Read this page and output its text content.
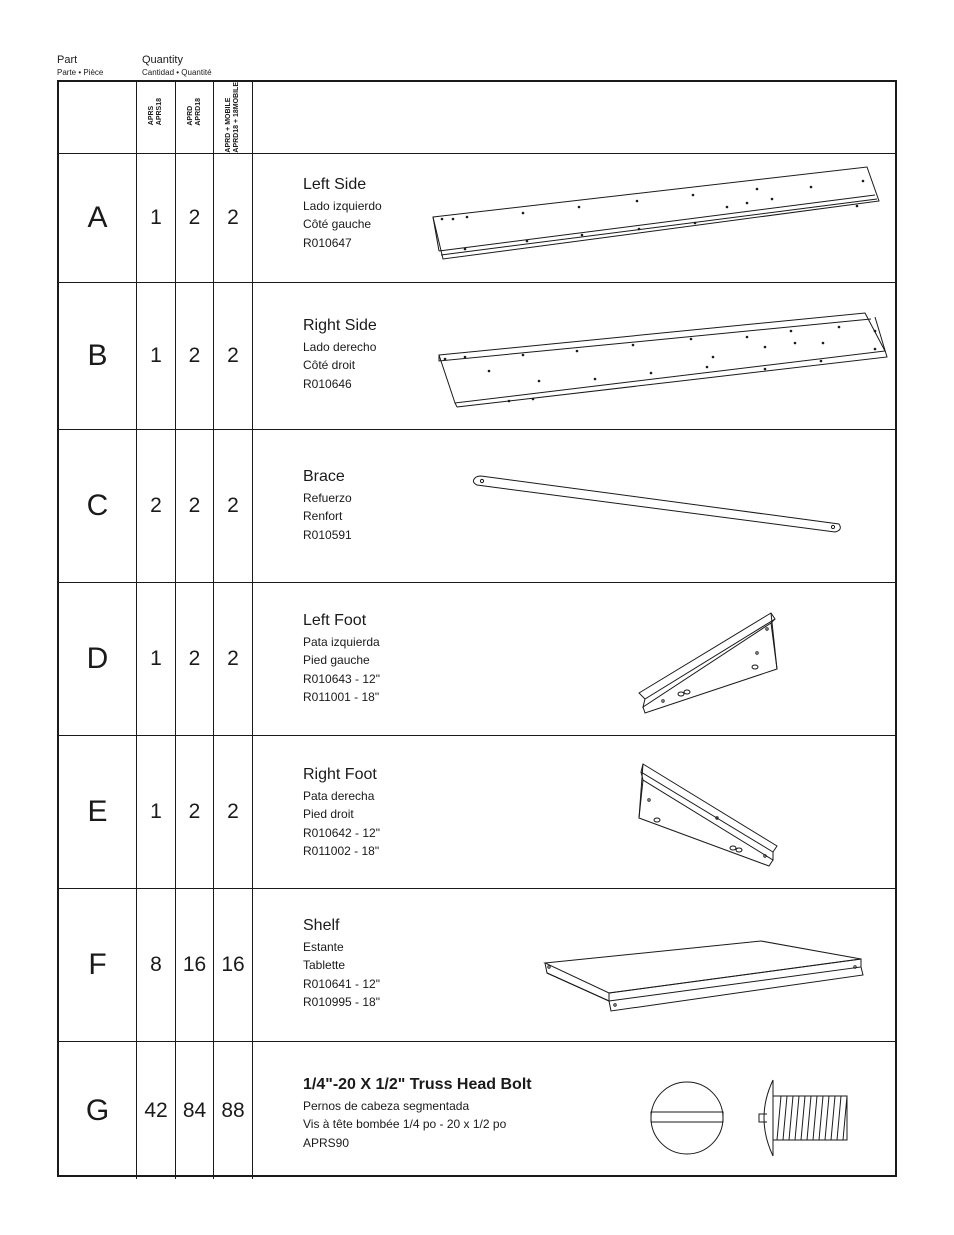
Part
Parte • Pièce
Quantity
Cantidad • Quantité
APRS
APRS18	APRD
APRD18	APRD + MOBILE
APRD18 + 18MOBILE
A	1	2	2
Left Side
Lado izquierdo
Côté gauche
R010647
B	1	2	2
Right Side
Lado derecho
Côté droit
R010646
C	2	2	2
Brace
Refuerzo
Renfort
R010591
D	1	2	2
Left Foot
Pata izquierda
Pied gauche
R010643 - 12"
R011001 - 18"
E	1	2	2
Right Foot
Pata derecha
Pied droit
R010642 - 12"
R011002 - 18"
F	8 16 16
Shelf
Estante
Tablette
R010641 - 12"
R010995 - 18"
G	42 84 88
1/4"-20 X 1/2" Truss Head Bolt
Pernos de cabeza segmentada
Vis à tête bombée 1/4 po - 20 x 1/2 po
APRS90
